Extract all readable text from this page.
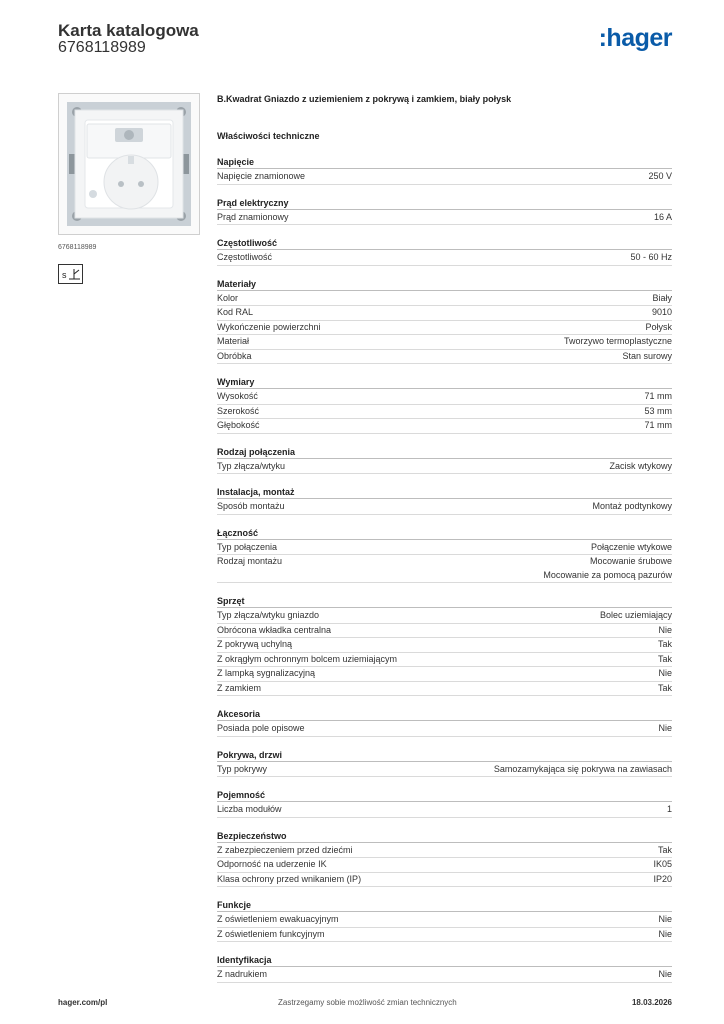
Karta katalogowa
6768118989	:hager
6768118989
s
B.Kwadrat Gniazdo z uziemieniem z pokrywą i zamkiem, biały połysk
Właściwości techniczne
Napięcie
Napięcie znamionowe	250 V
Prąd elektryczny
Prąd znamionowy	16 A
Częstotliwość
Częstotliwość	50 - 60 Hz
Materiały
Kolor	Biały
Kod RAL	9010
Wykończenie powierzchni	Połysk
Materiał	Tworzywo termoplastyczne
Obróbka	Stan surowy
Wymiary
Wysokość	71 mm
Szerokość	53 mm
Głębokość	71 mm
Rodzaj połączenia
Typ złącza/wtyku	Zacisk wtykowy
Instalacja, montaż
Sposób montażu	Montaż podtynkowy
Łączność
Typ połączenia	Połączenie wtykowe
Rodzaj montażu	Mocowanie śrubowe
Mocowanie za pomocą pazurów
Sprzęt
Typ złącza/wtyku gniazdo	Bolec uziemiający
Obrócona wkładka centralna	Nie
Z pokrywą uchylną	Tak
Z okrągłym ochronnym bolcem uziemiającym	Tak
Z lampką sygnalizacyjną	Nie
Z zamkiem	Tak
Akcesoria
Posiada pole opisowe	Nie
Pokrywa, drzwi
Typ pokrywy	Samozamykająca się pokrywa na zawiasach
Pojemność
Liczba modułów	1
Bezpieczeństwo
Z zabezpieczeniem przed dziećmi	Tak
Odporność na uderzenie IK	IK05
Klasa ochrony przed wnikaniem (IP)	IP20
Funkcje
Z oświetleniem ewakuacyjnym	Nie
Z oświetleniem funkcyjnym	Nie
Identyfikacja
Z nadrukiem	Nie
hager.com/pl	Zastrzegamy sobie możliwość zmian technicznych	18.03.2026
